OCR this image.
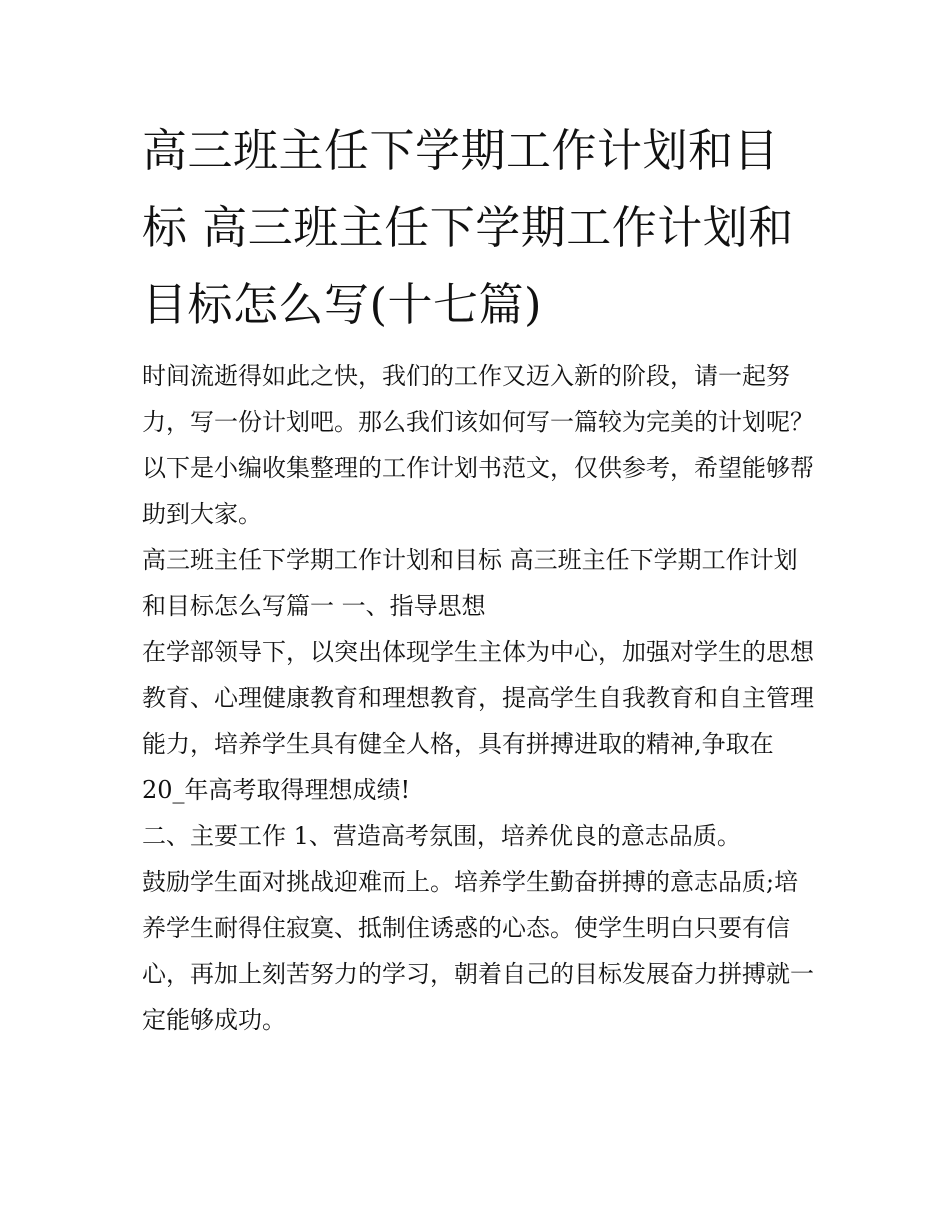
高三班主任下学期工作计划和目标 高三班主任下学期工作计划和目标怎么写(十七篇)

时间流逝得如此之快，我们的工作又迈入新的阶段，请一起努力，写一份计划吧。那么我们该如何写一篇较为完美的计划呢？以下是小编收集整理的工作计划书范文，仅供参考，希望能够帮助到大家。

高三班主任下学期工作计划和目标 高三班主任下学期工作计划和目标怎么写篇一 一、指导思想

在学部领导下，以突出体现学生主体为中心，加强对学生的思想教育、心理健康教育和理想教育，提高学生自我教育和自主管理能力，培养学生具有健全人格，具有拼搏进取的精神,争取在20_年高考取得理想成绩!

二、主要工作 1、营造高考氛围，培养优良的意志品质。

鼓励学生面对挑战迎难而上。培养学生勤奋拼搏的意志品质;培养学生耐得住寂寞、抵制住诱惑的心态。使学生明白只要有信心，再加上刻苦努力的学习，朝着自己的目标发展奋力拼搏就一定能够成功。
